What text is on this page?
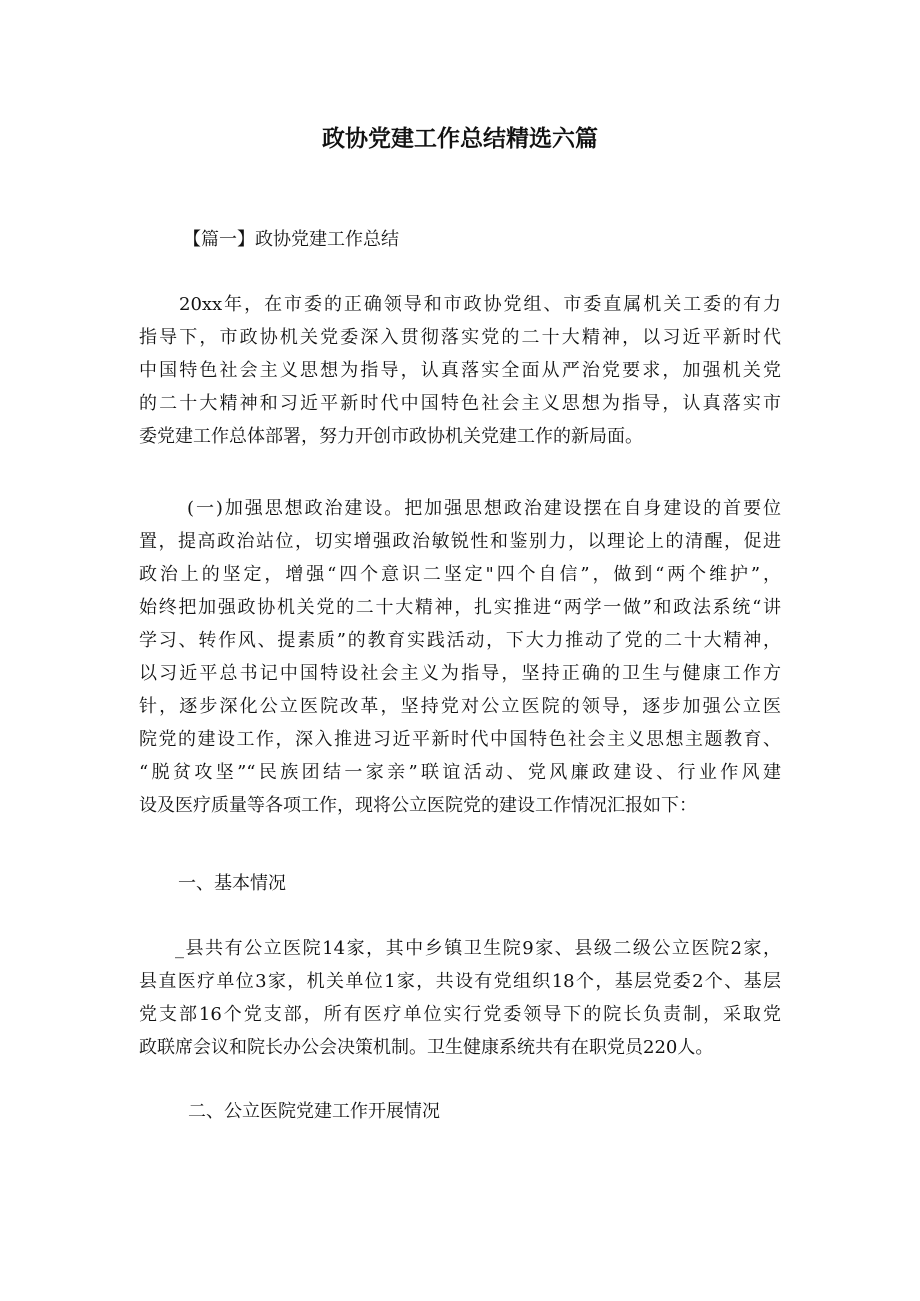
政协党建工作总结精选六篇

【篇一】政协党建工作总结

20xx年，在市委的正确领导和市政协党组、市委直属机关工委的有力
指导下，市政协机关党委深入贯彻落实党的二十大精神，以习近平新时代
中国特色社会主义思想为指导，认真落实全面从严治党要求，加强机关党
的二十大精神和习近平新时代中国特色社会主义思想为指导，认真落实市
委党建工作总体部署，努力开创市政协机关党建工作的新局面。
(一)加强思想政治建设。把加强思想政治建设摆在自身建设的首要位
置，提高政治站位，切实增强政治敏锐性和鉴别力，以理论上的清醒，促进
政治上的坚定，增强“四个意识二坚定"四个自信”，做到“两个维护”，
始终把加强政协机关党的二十大精神，扎实推进“两学一做”和政法系统“讲
学习、转作风、提素质”的教育实践活动，下大力推动了党的二十大精神，
以习近平总书记中国特设社会主义为指导，坚持正确的卫生与健康工作方
针，逐步深化公立医院改革，坚持党对公立医院的领导，逐步加强公立医
院党的建设工作，深入推进习近平新时代中国特色社会主义思想主题教育、
“脱贫攻坚”“民族团结一家亲”联谊活动、党风廉政建设、行业作风建
设及医疗质量等各项工作，现将公立医院党的建设工作情况汇报如下：

一、基本情况

_县共有公立医院14家，其中乡镇卫生院9家、县级二级公立医院2家，
县直医疗单位3家，机关单位1家，共设有党组织18个，基层党委2个、基层
党支部16个党支部，所有医疗单位实行党委领导下的院长负责制，采取党
政联席会议和院长办公会决策机制。卫生健康系统共有在职党员220人。

二、公立医院党建工作开展情况
